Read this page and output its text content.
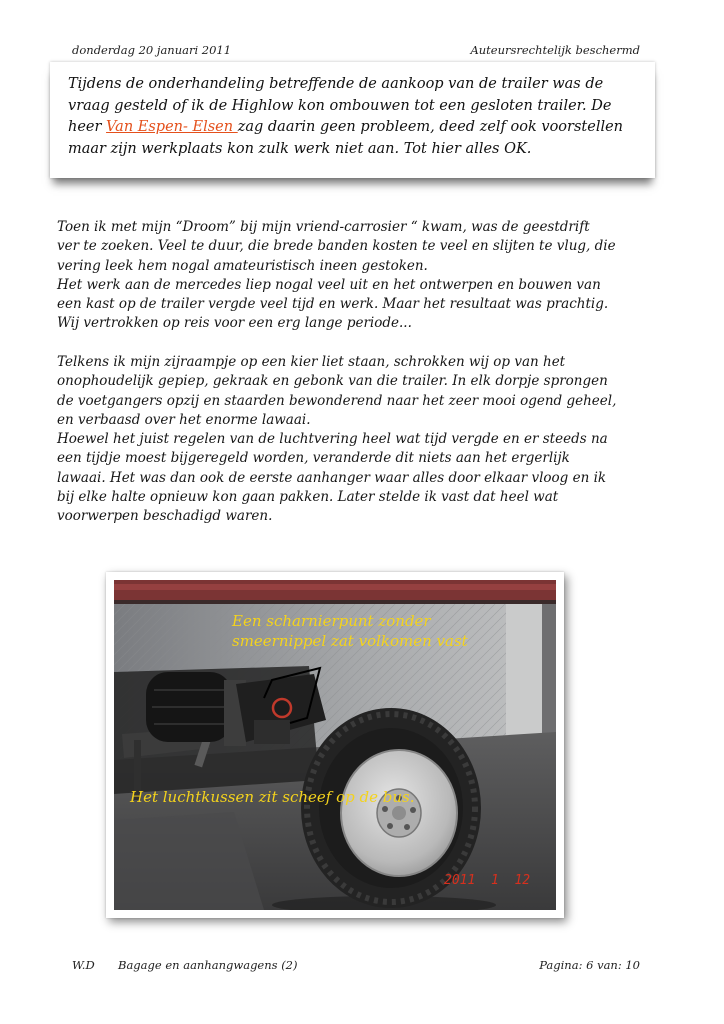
donderdag 20 januari 2011	Auteursrechtelijk beschermd
Tijdens de onderhandeling betreffende de aankoop van de trailer was de
vraag gesteld of ik de Highlow kon ombouwen tot een gesloten trailer. De
heer Van Espen- Elsen zag daarin geen probleem, deed zelf ook voorstellen
maar zijn werkplaats kon zulk werk niet aan. Tot hier alles OK.
Toen ik met mijn “Droom” bij mijn vriend-carrosier “ kwam, was de geestdrift
ver te zoeken. Veel te duur, die brede banden kosten te veel en slijten te vlug, die
vering leek hem nogal amateuristisch ineen gestoken.
Het werk aan de mercedes liep nogal veel uit en het ontwerpen en bouwen van
een kast op de trailer vergde veel tijd en werk. Maar het resultaat was prachtig.
Wij vertrokken op reis voor een erg lange periode...
Telkens ik mijn zijraampje op een kier liet staan, schrokken wij op van het
onophoudelijk gepiep, gekraak en gebonk van die trailer. In elk dorpje sprongen
de voetgangers opzij en staarden bewonderend naar het zeer mooi ogend geheel,
en verbaasd over het enorme lawaai.
Hoewel het juist regelen van de luchtvering heel wat tijd vergde en er steeds na
een tijdje moest bijgeregeld worden, veranderde dit niets aan het ergerlijk
lawaai. Het was dan ook de eerste aanhanger waar alles door elkaar vloog en ik
bij elke halte opnieuw kon gaan pakken. Later stelde ik vast dat heel wat
voorwerpen beschadigd waren.
Een scharnierpunt zonder
smeernippel zat volkomen vast
Het luchtkussen zit scheef op de bus.
2011  1  12
W.D Bagage en aanhangwagens (2)	Pagina: 6 van: 10
